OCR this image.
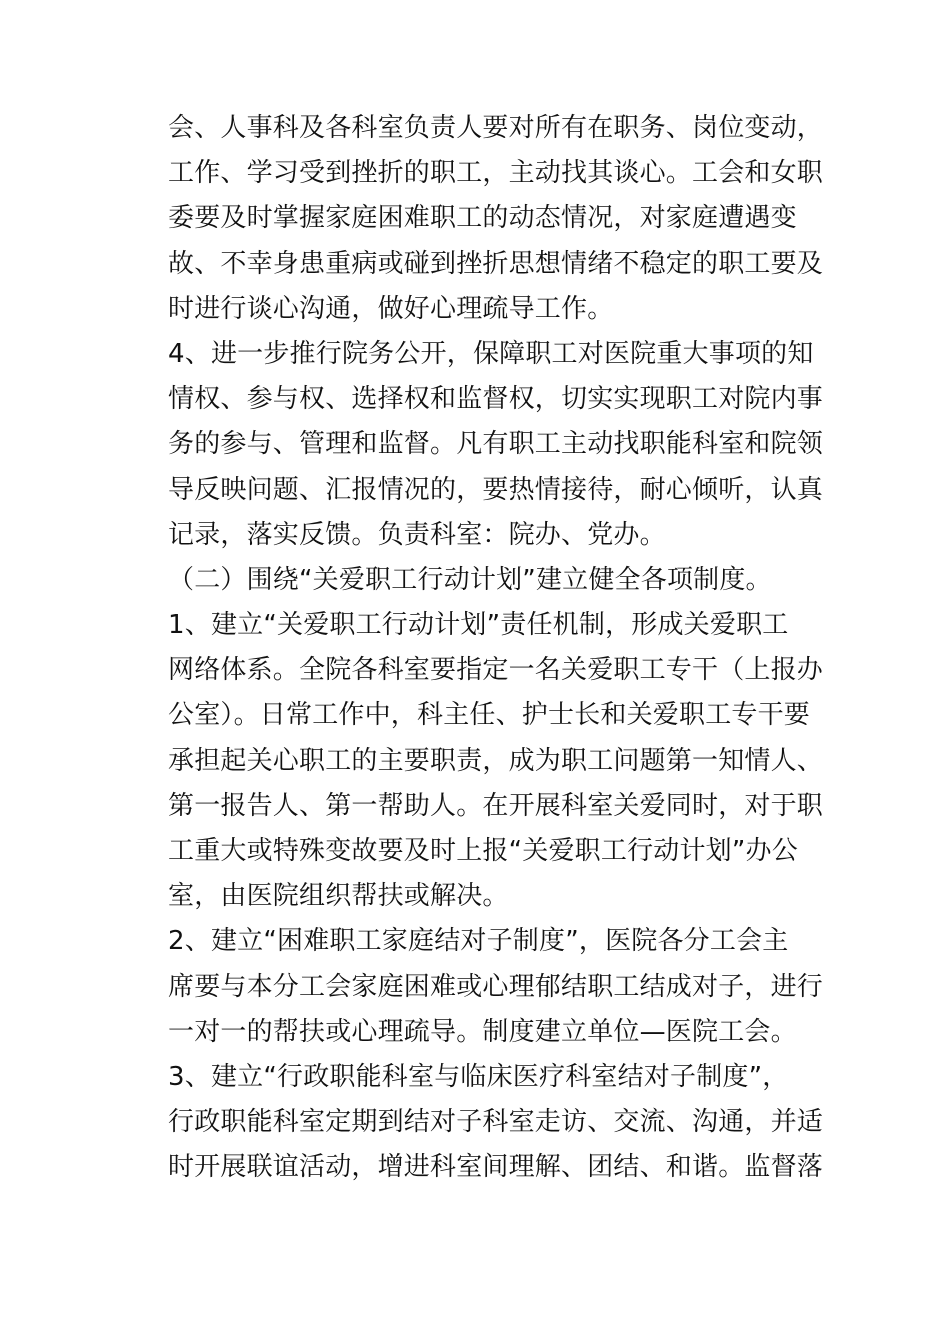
会、人事科及各科室负责人要对所有在职务、岗位变动，
工作、学习受到挫折的职工，主动找其谈心。工会和女职
委要及时掌握家庭困难职工的动态情况，对家庭遭遇变
故、不幸身患重病或碰到挫折思想情绪不稳定的职工要及
时进行谈心沟通，做好心理疏导工作。
4、进一步推行院务公开，保障职工对医院重大事项的知
情权、参与权、选择权和监督权，切实实现职工对院内事
务的参与、管理和监督。凡有职工主动找职能科室和院领
导反映问题、汇报情况的，要热情接待，耐心倾听，认真
记录，落实反馈。负责科室：院办、党办。
（二）围绕“关爱职工行动计划”建立健全各项制度。
1、建立“关爱职工行动计划”责任机制，形成关爱职工
网络体系。全院各科室要指定一名关爱职工专干（上报办
公室）。日常工作中，科主任、护士长和关爱职工专干要
承担起关心职工的主要职责，成为职工问题第一知情人、
第一报告人、第一帮助人。在开展科室关爱同时，对于职
工重大或特殊变故要及时上报“关爱职工行动计划”办公
室，由医院组织帮扶或解决。
2、建立“困难职工家庭结对子制度”，医院各分工会主
席要与本分工会家庭困难或心理郁结职工结成对子，进行
一对一的帮扶或心理疏导。制度建立单位—医院工会。
3、建立“行政职能科室与临床医疗科室结对子制度”，
行政职能科室定期到结对子科室走访、交流、沟通，并适
时开展联谊活动，增进科室间理解、团结、和谐。监督落
